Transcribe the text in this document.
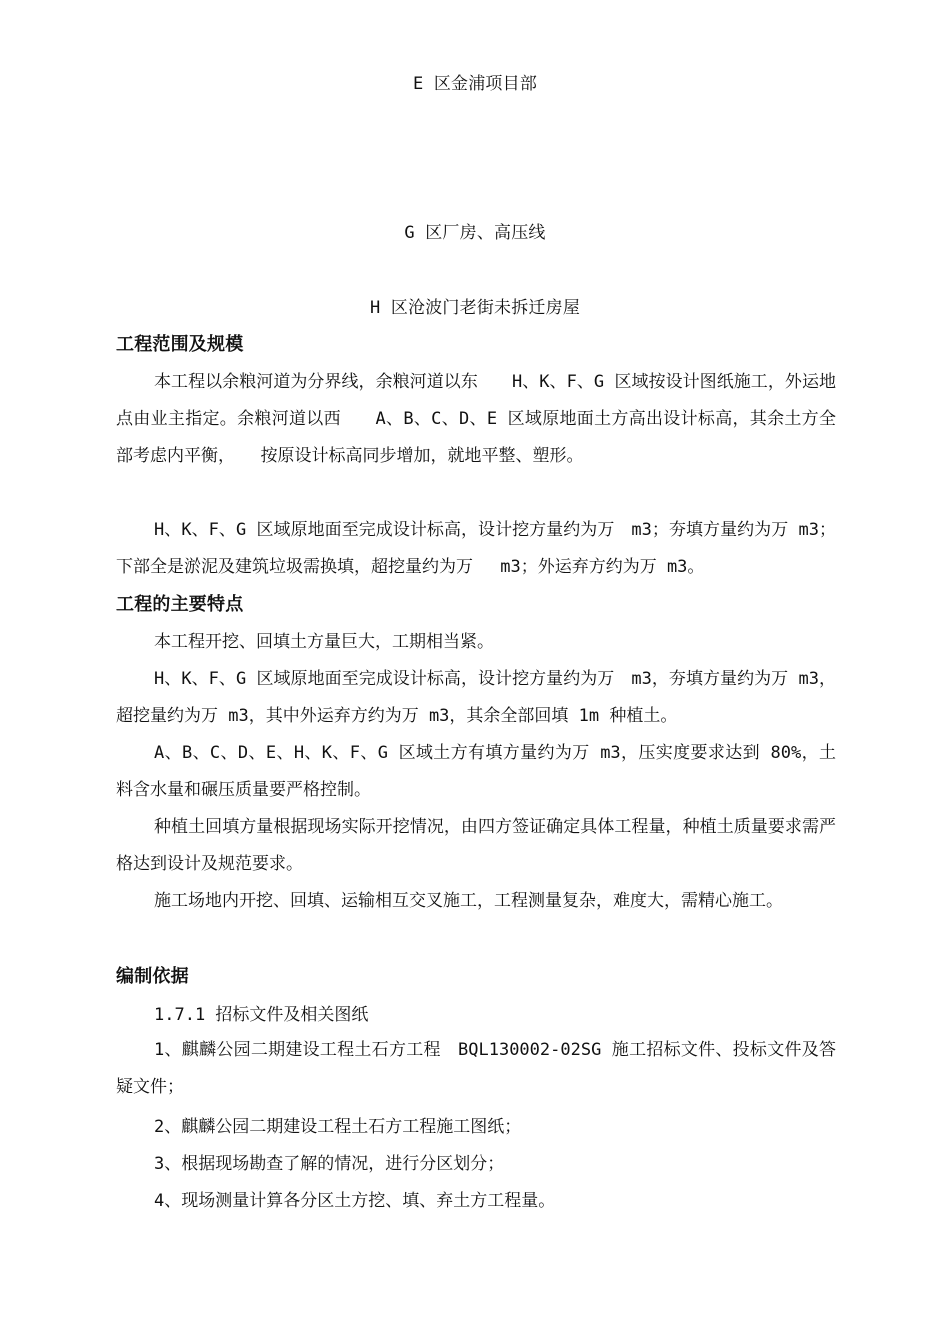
E 区金浦项目部
G 区厂房、高压线
H 区沧波门老街未拆迁房屋
工程范围及规模
本工程以余粮河道为分界线，余粮河道以东　　H、K、F、G 区域按设计图纸施工，外运地点由业主指定。余粮河道以西　　A、B、C、D、E 区域原地面土方高出设计标高，其余土方全部考虑内平衡，　　按原设计标高同步增加，就地平整、塑形。
H、K、F、G 区域原地面至完成设计标高，设计挖方量约为万　m3；夯填方量约为万 m3；下部全是淤泥及建筑垃圾需换填，超挖量约为万　 m3；外运弃方约为万 m3。
工程的主要特点
本工程开挖、回填土方量巨大，工期相当紧。
H、K、F、G 区域原地面至完成设计标高，设计挖方量约为万　m3，夯填方量约为万 m3，超挖量约为万 m3，其中外运弃方约为万 m3，其余全部回填 1m 种植土。
A、B、C、D、E、H、K、F、G 区域土方有填方量约为万 m3，压实度要求达到 80%，土料含水量和碾压质量要严格控制。
种植土回填方量根据现场实际开挖情况，由四方签证确定具体工程量，种植土质量要求需严格达到设计及规范要求。
施工场地内开挖、回填、运输相互交叉施工，工程测量复杂，难度大，需精心施工。
编制依据
1.7.1 招标文件及相关图纸
1、麒麟公园二期建设工程土石方工程　BQL130002-02SG 施工招标文件、投标文件及答疑文件；
2、麒麟公园二期建设工程土石方工程施工图纸；
3、根据现场勘查了解的情况，进行分区划分；
4、现场测量计算各分区土方挖、填、弃土方工程量。
